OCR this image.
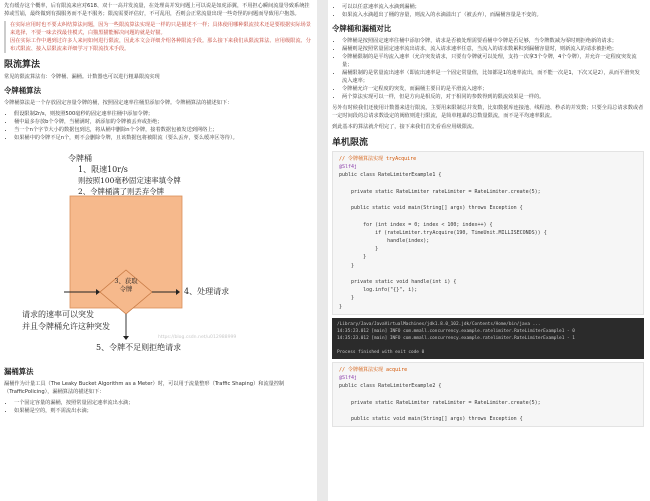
先有缓存这个概率，后有限流来应对618、双十一高并发流量，在处理高并发问题上可以说是如虎添翼，不用担心瞬间流量导致系统挂掉或雪崩，最终做到有损服务而不是不服务；限流需要评估好，不可乱用，否则会正常流量出现一些奇怪的问题而导致用户抱怨。

在实际应用时也不要太纠结算法问题，因为一些限流算法实现是一样的只是描述不一样；具体使用哪种限流技术还是要根据实际场景来选择，不要一味去找最佳模式，白猫黑猫能解决问题的就是好猫。
因在实际工作中遇到过许多人来问如何进行限流，因此本文会详细介绍各种限流手段。那么接下来我们从限流算法、应用级限流、分布式限流、接入层限流来详细学习下限流技术手段。
限流算法

常见的限流算法有：令牌桶、漏桶。计数器也可以进行粗暴限流实现

令牌桶算法

令牌桶算法是一个存放固定容量令牌的桶，按照固定速率往桶里添加令牌。令牌桶算法的描述如下：

• 假设限制2r/s，则按照500毫秒的固定速率往桶中添加令牌；
• 桶中最多存放b个令牌，当桶满时，新添加的令牌被丢弃或拒绝；
• 当一个n个字节大小的数据包到达，将从桶中删除n个令牌，接着数据包被发送到网络上；
• 如果桶中的令牌不足n个，则不会删除令牌，且该数据包将被限流（要么丢弃，要么缓冲区等待）。
令牌桶
1、限速10r/s
则按照100毫秒固定速率填令牌
2、令牌桶满了则丢弃令牌
3、获取
令牌	4、处理请求
请求的速率可以突发
并且令牌桶允许这种突发
5、令牌不足则拒绝请求
https://blog.csdn.net/u012988999
漏桶算法

漏桶作为计量工具（The Leaky Bucket Algorithm as a Meter）时，可以用于流量整形（Traffic Shaping）和流量控制（TrafficPolicing），漏桶算法的描述如下：

• 一个固定容量的漏桶，按照常量固定速率流出水滴；
• 如果桶是空的，则不需流出水滴；
• 可以以任意速率流入水滴到漏桶；
• 如果流入水滴超出了桶的容量，则流入的水滴溢出了（被丢弃），而漏桶容量是不变的。
令牌桶和漏桶对比
• 令牌桶是按照固定速率往桶中添加令牌，请求是否被处理需要看桶中令牌是否足够，当令牌数减为零时则拒绝新的请求；
• 漏桶则是按照常量固定速率流出请求，流入请求速率任意，当流入的请求数累积到漏桶容量时，则新流入的请求被拒绝；
• 令牌桶限制的是平均流入速率（允许突发请求，只要有令牌就可以处理，支持一次拿3个令牌，4个令牌），并允许一定程度突发流量；
• 漏桶限制的是常量流出速率（即流出速率是一个固定常量值，比如都是1的速率流出，而不能一次是1，下次又是2），从而平滑突发流入速率；
• 令牌桶允许一定程度的突发，而漏桶主要目的是平滑流入速率；
• 两个算法实现可以一样，但是方向是相反的，对于相同的参数得到的限流效果是一样的。

另外有时候我们还使用计数器来进行限流，主要用来限制总并发数，比如数据库连接池、线程池、秒杀的并发数；只要全局总请求数或者一定时间段的总请求数设定的阀值则进行限流，是简单粗暴的总数量限流，而不是平均速率限流。

到此基本的算法就介绍完了，接下来我们首先看看应用级限流。

单机限流
// 令牌桶算法实现 tryAcquire
@Slf4j
public class RateLimiterExample1 {

private static RateLimiter rateLimiter = RateLimiter.create(5);

public static void main(String[] args) throws Exception {

for (int index = 0; index < 100; index++) {
if (rateLimiter.tryAcquire(190, TimeUnit.MILLISECONDS)) {
handle(index);
}
}
}

private static void handle(int i) {
log.info("{}", i);
}
}
/Library/Java/JavaVirtualMachines/jdk1.8.0_102.jdk/Contents/Home/bin/java ...
14:35:23.012 [main] INFO com.mmall.concurrency.example.ratelimiter.RateLimiterExample1 - 0
14:35:23.012 [main] INFO com.mmall.concurrency.example.ratelimiter.RateLimiterExample1 - 1

Process finished with exit code 0
// 令牌桶算法实现 acquire
@Slf4j
public class RateLimiterExample2 {

private static RateLimiter rateLimiter = RateLimiter.create(5);

public static void main(String[] args) throws Exception {
